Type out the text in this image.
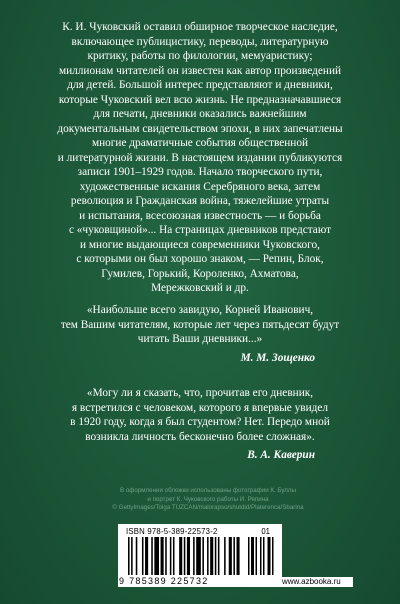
К. И. Чуковский оставил обширное творческое наследие,

включающее публицистику, переводы, литературную

критику, работы по филологии, мемуаристику;

миллионам читателей он известен как автор произведений

для детей. Большой интерес представляют и дневники,

которые Чуковский вел всю жизнь. Не предназначавшиеся

для печати, дневники оказались важнейшим

документальным свидетельством эпохи, в них запечатлены

многие драматичные события общественной

и литературной жизни. В настоящем издании публикуются

записи 1901–1929 годов. Начало творческого пути,

художественные искания Серебряного века, затем

революция и Гражданская война, тяжелейшие утраты

и испытания, всесоюзная известность — и борьба

с «чуковщиной»... На страницах дневников предстают

и многие выдающиеся современники Чуковского,

с которыми он был хорошо знаком, — Репин, Блок,

Гумилев, Горький, Короленко, Ахматова,

Мережковский и др.

«Наибольше всего завидую, Корней Иванович,

тем Вашим читателям, которые лет через пятьдесят будут

читать Ваши дневники...»

М. М. Зощенко

«Могу ли я сказать, что, прочитав его дневник,

я встретился с человеком, которого я впервые увидел

в 1920 году, когда я был студентом? Нет. Передо мной

возникла личность бесконечно более сложная».

В. А. Каверин

В оформлении обложки использованы фотографии К. Буллы
и портрет К. Чуковского работы И. Репина
© GettyImages/Tolga TUZCAN/malorapso/shutdid/Platerenca/Sbarina
ISBN 978-5-389-22573-2	01
9 785389 225732	www.azbooka.ru
